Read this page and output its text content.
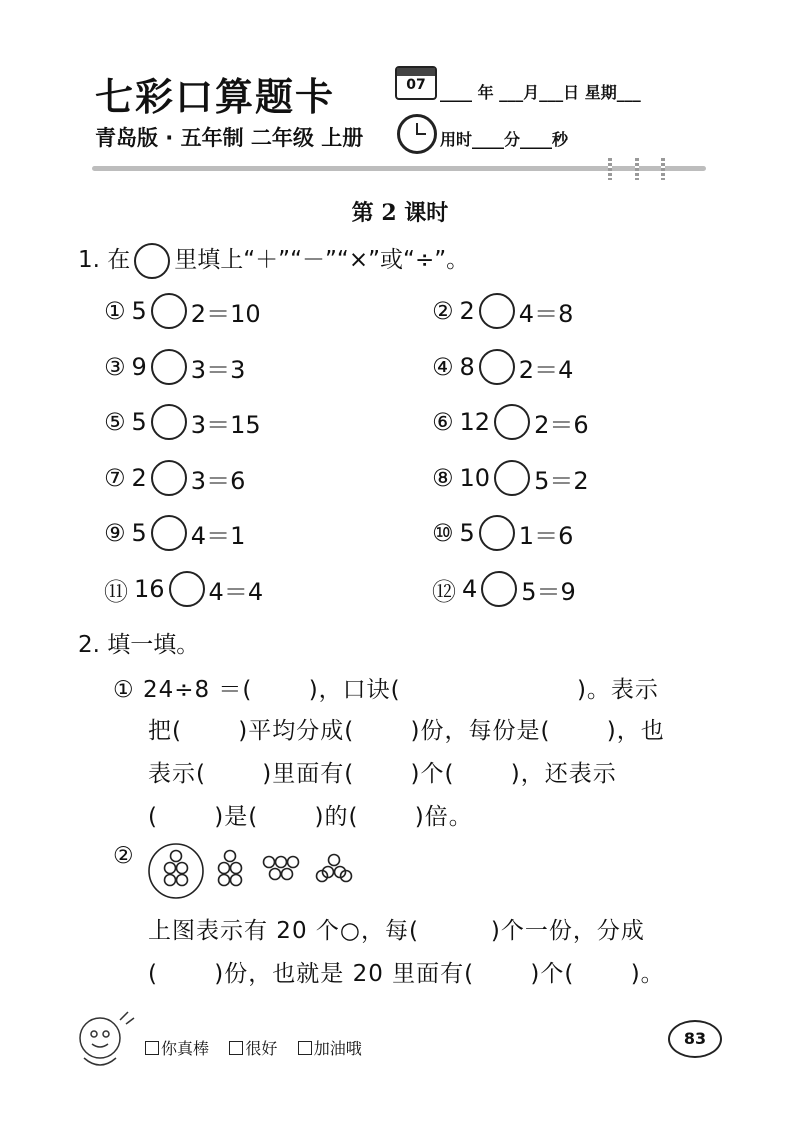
七彩口算题卡
青岛版 · 五年制 二年级 上册
07 ____ 年 ___月___日 星期___
用时____分____秒
第 2 课时
1. 在 里填上“＋”“－”“×”或“÷”。
① 5 2＝10	② 2 4＝8
③ 9 3＝3	④ 8 2＝4
⑤ 5 3＝15	⑥ 12 2＝6
⑦ 2 3＝6	⑧ 10 5＝2
⑨ 5 4＝1	⑩ 5 1＝6
⑪ 16 4＝4	⑫ 4 5＝9
2. 填一填。
① 24÷8 ＝(　　 )，口诀(　　　　　　　 )。表示
把(　　 )平均分成(　　 )份，每份是(　　 )，也
表示(　　 )里面有(　　 )个(　　 )，还表示
(　　 )是(　　 )的(　　 )倍。
②
上图表示有 20 个○，每(　　　)个一份，分成
(　　 )份，也就是 20 里面有(　　 )个(　　 )。
你真棒 很好 加油哦
83
